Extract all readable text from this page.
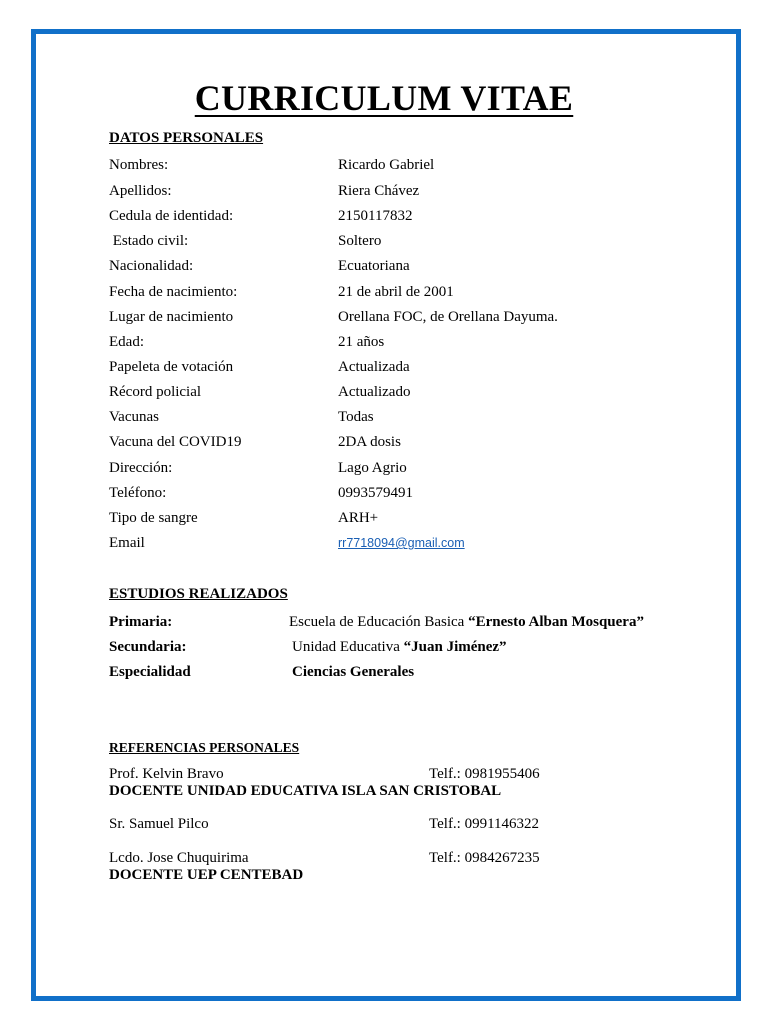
CURRICULUM VITAE
DATOS PERSONALES
Nombres:	Ricardo Gabriel
Apellidos:	Riera Chávez
Cedula de identidad:	2150117832
Estado civil:	Soltero
Nacionalidad:	Ecuatoriana
Fecha de nacimiento:	21 de abril de 2001
Lugar de nacimiento	Orellana FOC, de Orellana Dayuma.
Edad:	21 años
Papeleta de votación	Actualizada
Récord policial	Actualizado
Vacunas	Todas
Vacuna del COVID19	2DA dosis
Dirección:	Lago Agrio
Teléfono:	0993579491
Tipo de sangre	ARH+
Email	rr7718094@gmail.com
ESTUDIOS REALIZADOS
Primaria:	Escuela de Educación Basica “Ernesto Alban Mosquera”
Secundaria:	Unidad Educativa “Juan Jiménez”
Especialidad	Ciencias Generales
REFERENCIAS PERSONALES
Prof. Kelvin Bravo	Telf.: 0981955406
DOCENTE UNIDAD EDUCATIVA ISLA SAN CRISTOBAL
Sr. Samuel Pilco	Telf.: 0991146322
Lcdo. Jose Chuquirima	Telf.: 0984267235
DOCENTE UEP CENTEBAD
